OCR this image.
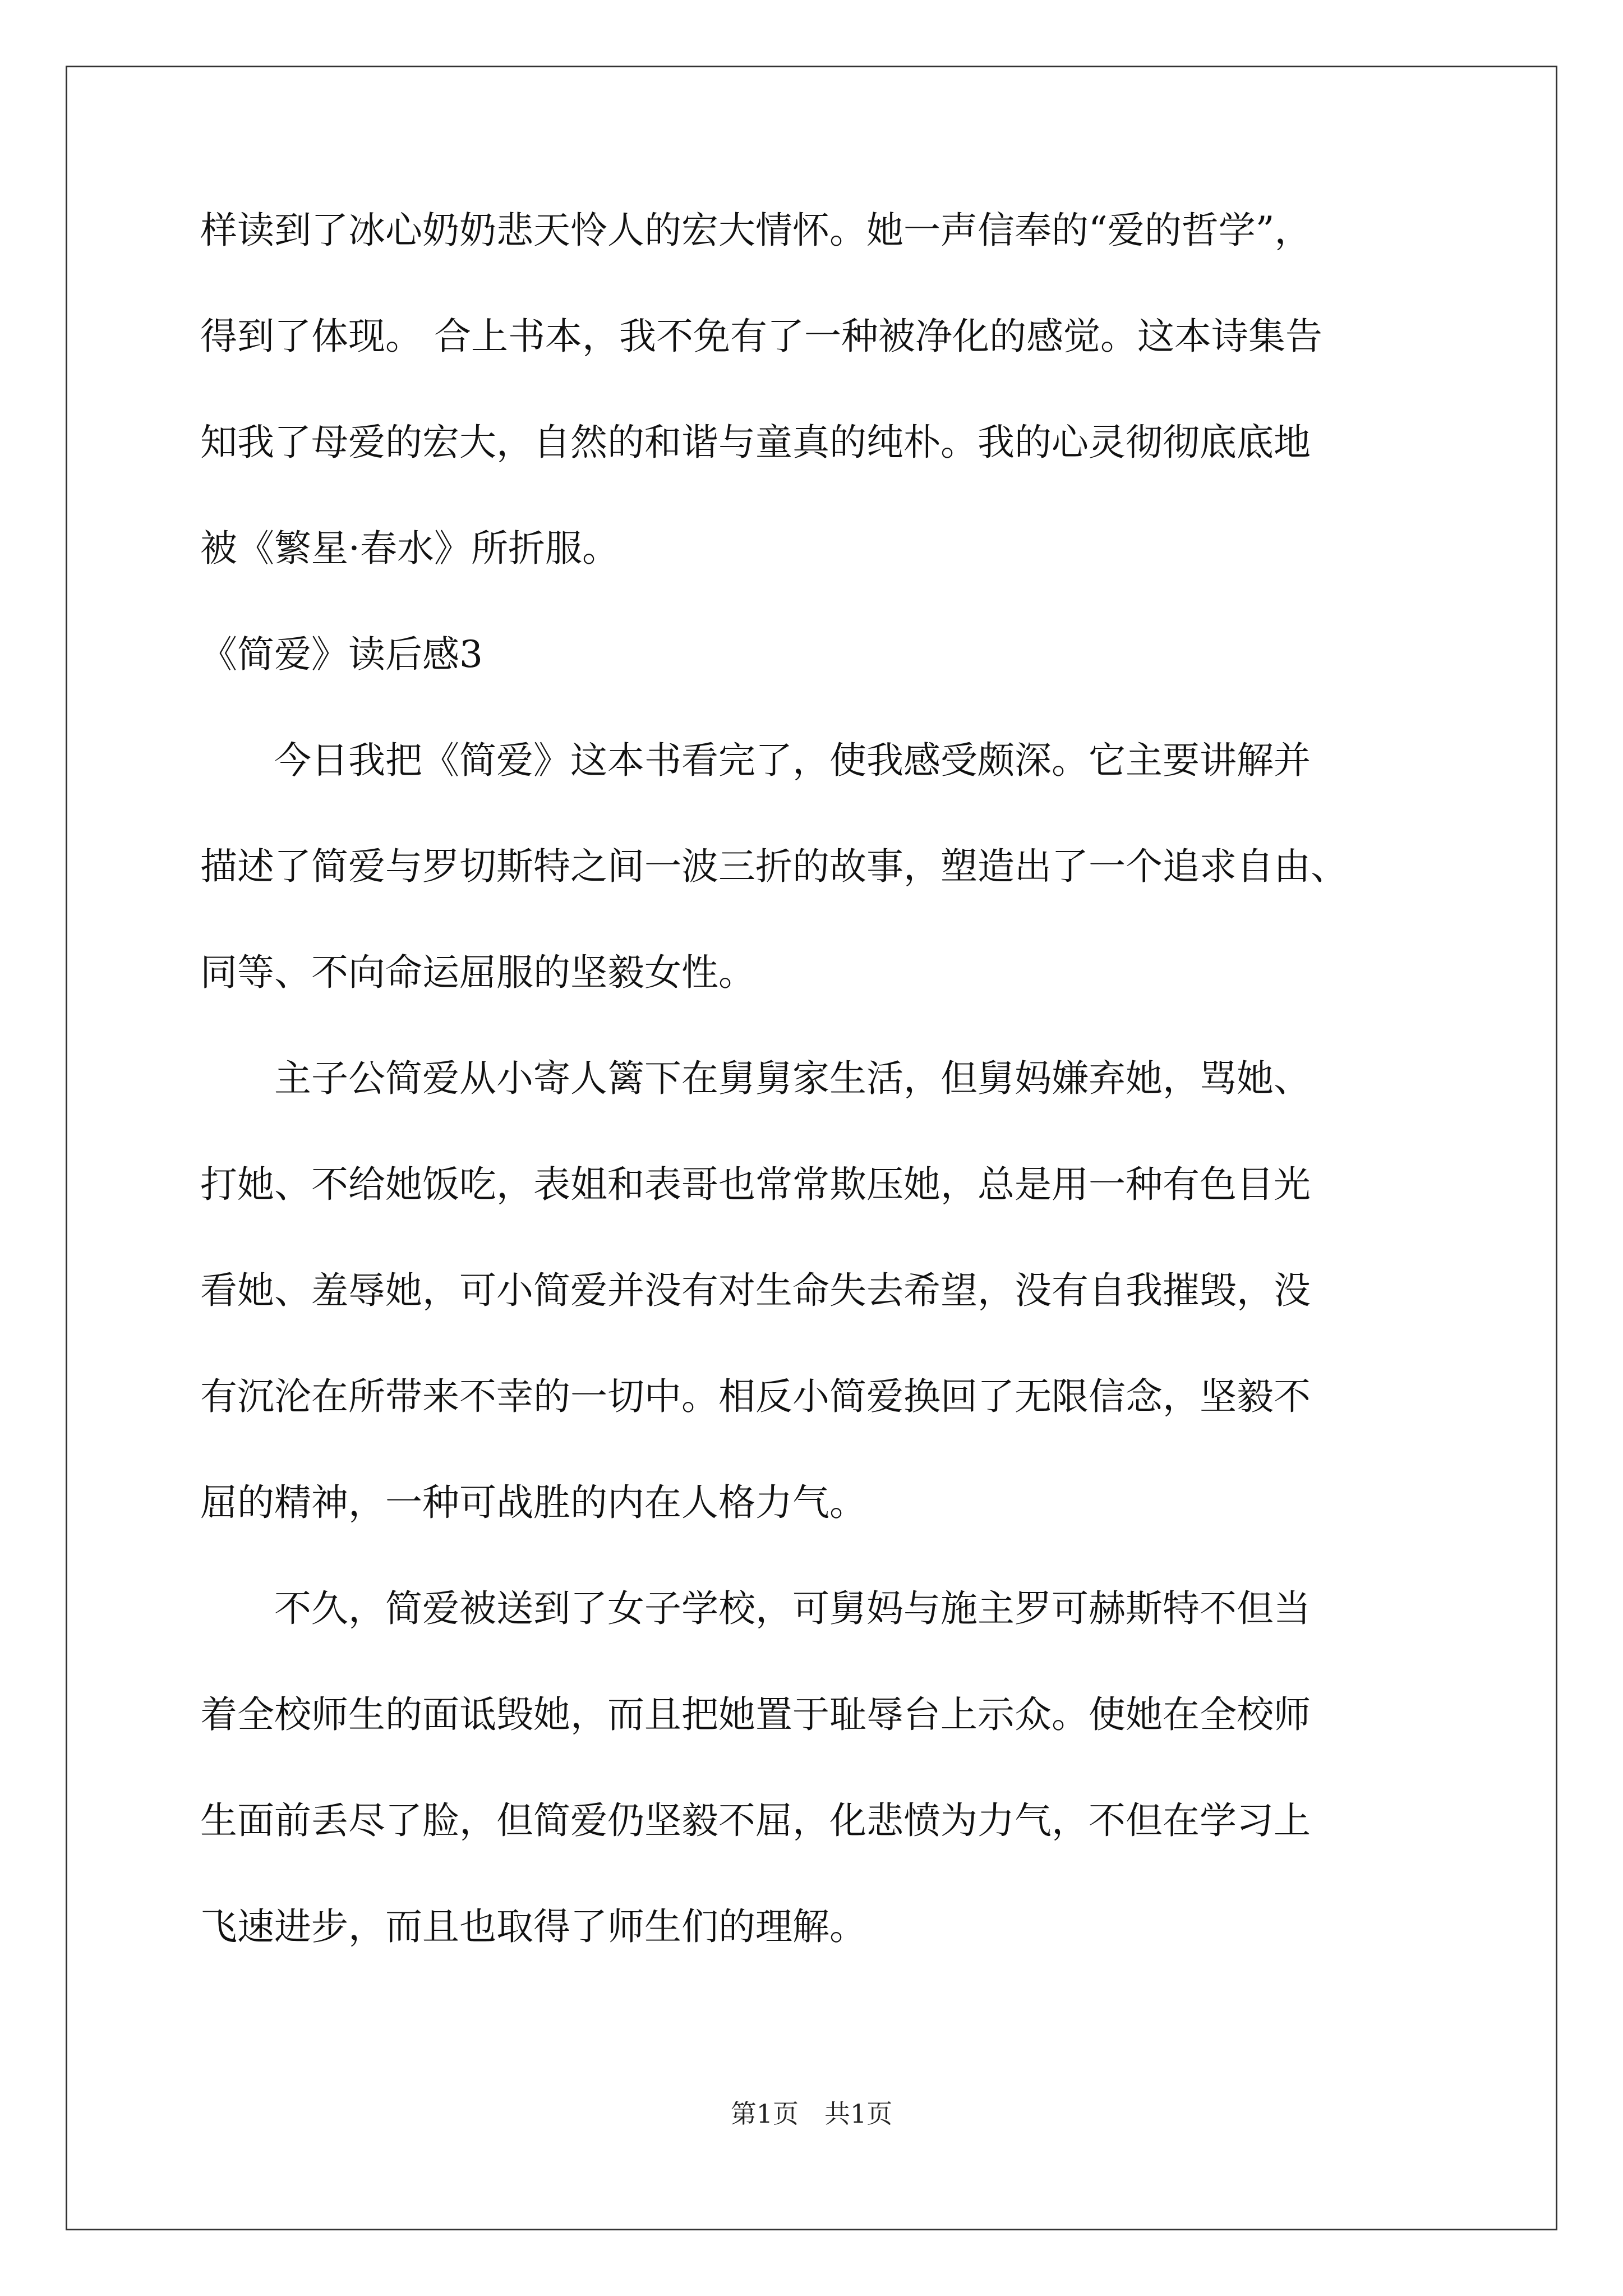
样读到了冰心奶奶悲天怜人的宏大情怀。她一声信奉的“爱的哲学”，
得到了体现。 合上书本，我不免有了一种被净化的感觉。这本诗集告
知我了母爱的宏大，自然的和谐与童真的纯朴。我的心灵彻彻底底地
被《繁星·春水》所折服。
《简爱》读后感3
　　今日我把《简爱》这本书看完了，使我感受颇深。它主要讲解并
描述了简爱与罗切斯特之间一波三折的故事，塑造出了一个追求自由、
同等、不向命运屈服的坚毅女性。
　　主子公简爱从小寄人篱下在舅舅家生活，但舅妈嫌弃她，骂她、
打她、不给她饭吃，表姐和表哥也常常欺压她，总是用一种有色目光
看她、羞辱她，可小简爱并没有对生命失去希望，没有自我摧毁，没
有沉沦在所带来不幸的一切中。相反小简爱换回了无限信念，坚毅不
屈的精神，一种可战胜的内在人格力气。
　　不久，简爱被送到了女子学校，可舅妈与施主罗可赫斯特不但当
着全校师生的面诋毁她，而且把她置于耻辱台上示众。使她在全校师
生面前丢尽了脸，但简爱仍坚毅不屈，化悲愤为力气，不但在学习上
飞速进步，而且也取得了师生们的理解。
第1页　共1页
